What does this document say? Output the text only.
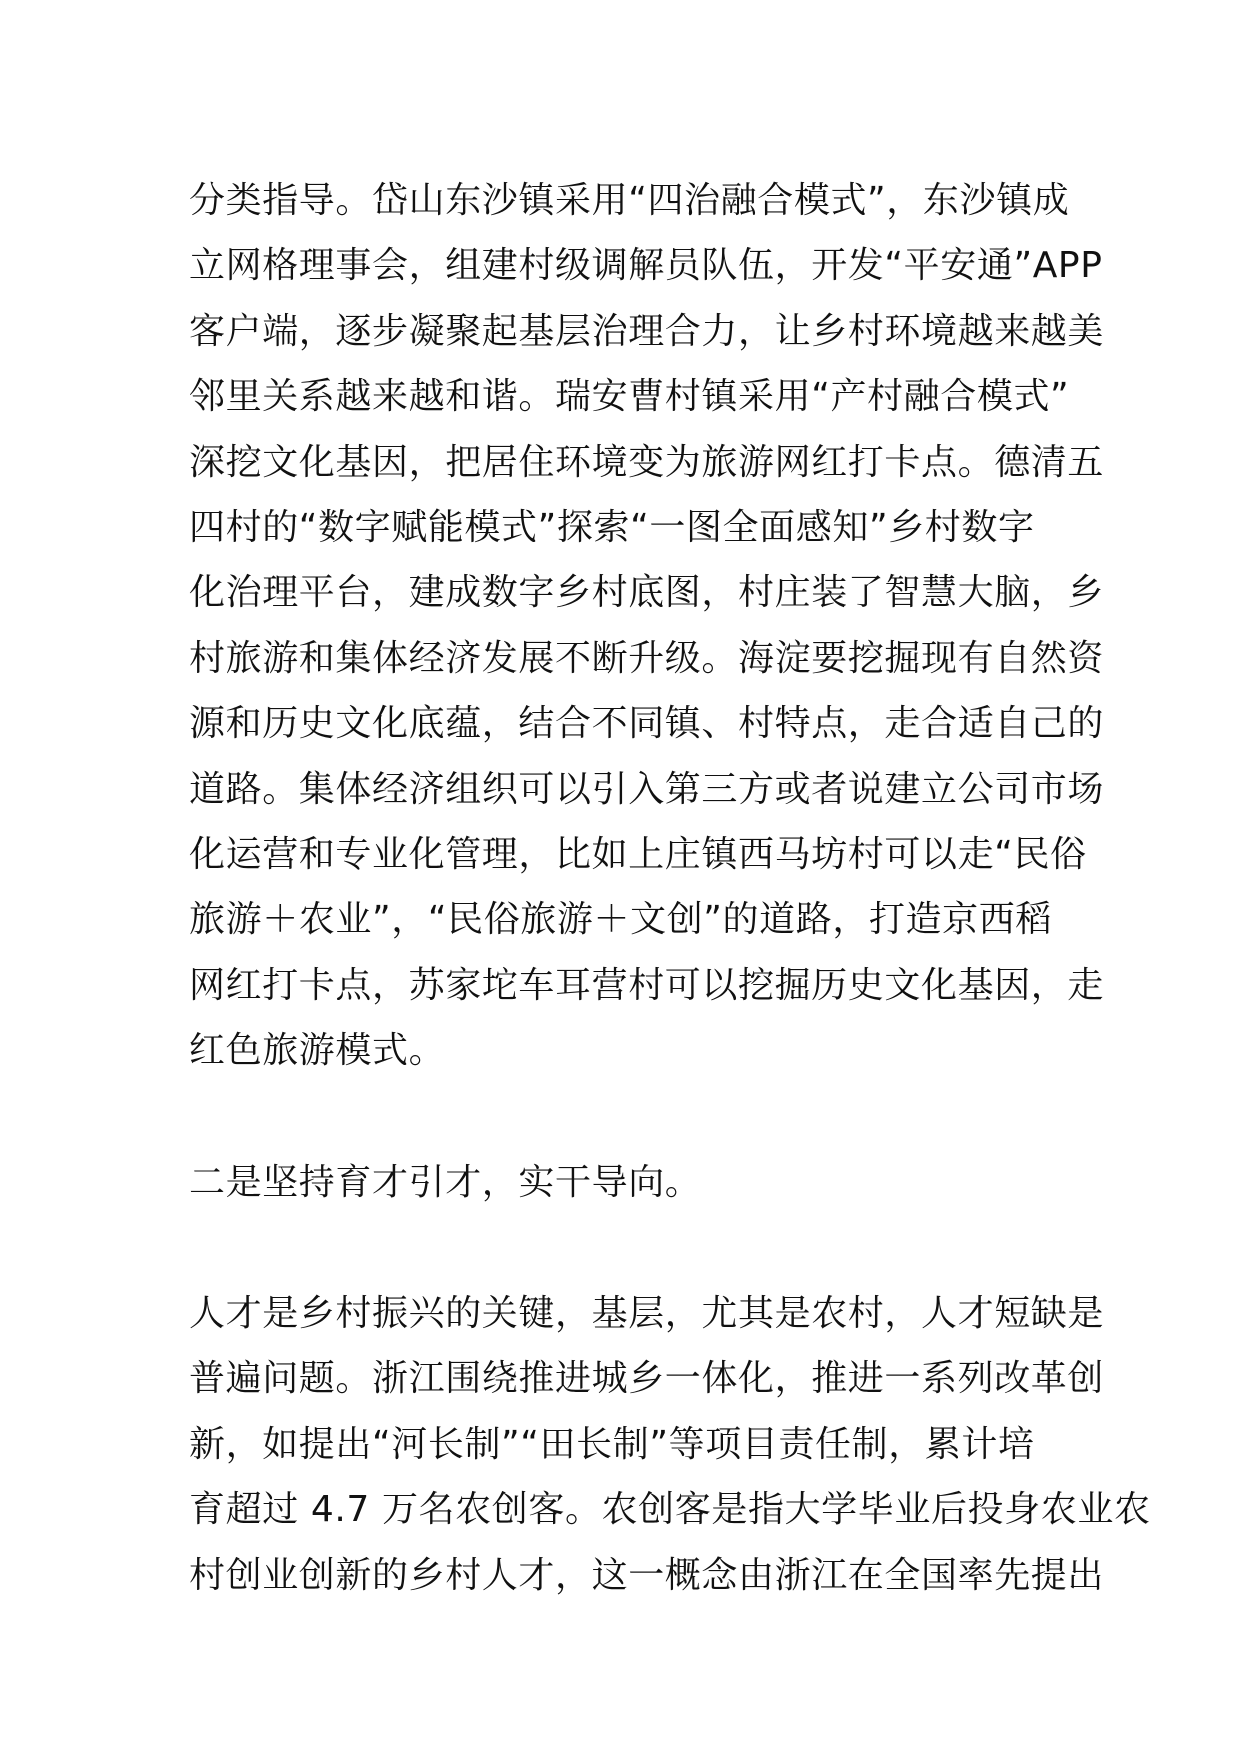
分类指导。岱山东沙镇采用“四治融合模式”，东沙镇成
立网格理事会，组建村级调解员队伍，开发“平安通”APP
客户端，逐步凝聚起基层治理合力，让乡村环境越来越美
邻里关系越来越和谐。瑞安曹村镇采用“产村融合模式”
深挖文化基因，把居住环境变为旅游网红打卡点。德清五
四村的“数字赋能模式”探索“一图全面感知”乡村数字
化治理平台，建成数字乡村底图，村庄装了智慧大脑，乡
村旅游和集体经济发展不断升级。海淀要挖掘现有自然资
源和历史文化底蕴，结合不同镇、村特点，走合适自己的
道路。集体经济组织可以引入第三方或者说建立公司市场
化运营和专业化管理，比如上庄镇西马坊村可以走“民俗
旅游＋农业”，“民俗旅游＋文创”的道路，打造京西稻
网红打卡点，苏家坨车耳营村可以挖掘历史文化基因，走
红色旅游模式。
二是坚持育才引才，实干导向。
人才是乡村振兴的关键，基层，尤其是农村，人才短缺是
普遍问题。浙江围绕推进城乡一体化，推进一系列改革创
新，如提出“河长制”“田长制”等项目责任制，累计培
育超过 4.7 万名农创客。农创客是指大学毕业后投身农业农
村创业创新的乡村人才，这一概念由浙江在全国率先提出
